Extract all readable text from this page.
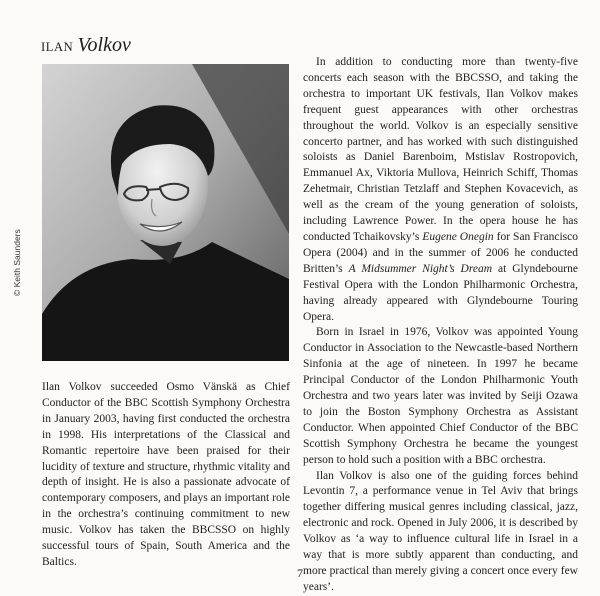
ILAN Volkov
© Keith Saunders

Ilan Volkov succeeded Osmo Vänskä as Chief Conductor of the BBC Scottish Symphony Orchestra in January 2003, having first conducted the orchestra in 1998. His interpretations of the Classical and Romantic repertoire have been praised for their lucidity of texture and structure, rhythmic vitality and depth of insight. He is also a passionate advocate of contemporary composers, and plays an important role in the orchestra’s continuing commitment to new music. Volkov has taken the BBCSSO on highly successful tours of Spain, South America and the Baltics.

In addition to conducting more than twenty-five concerts each season with the BBCSSO, and taking the orchestra to important UK festivals, Ilan Volkov makes frequent guest appearances with other orchestras throughout the world. Volkov is an especially sensitive concerto partner, and has worked with such distinguished soloists as Daniel Barenboim, Mstislav Rostropovich, Emmanuel Ax, Viktoria Mullova, Heinrich Schiff, Thomas Zehetmair, Christian Tetzlaff and Stephen Kovacevich, as well as the cream of the young generation of soloists, including Lawrence Power. In the opera house he has conducted Tchaikovsky’s Eugene Onegin for San Francisco Opera (2004) and in the summer of 2006 he conducted Britten’s A Midsummer Night’s Dream at Glyndebourne Festival Opera with the London Philharmonic Orchestra, having already appeared with Glyndebourne Touring Opera.

Born in Israel in 1976, Volkov was appointed Young Conductor in Association to the Newcastle-based Northern Sinfonia at the age of nineteen. In 1997 he became Principal Conductor of the London Philharmonic Youth Orchestra and two years later was invited by Seiji Ozawa to join the Boston Symphony Orchestra as Assistant Conductor. When appointed Chief Conductor of the BBC Scottish Symphony Orchestra he became the youngest person to hold such a position with a BBC orchestra.

Ilan Volkov is also one of the guiding forces behind Levontin 7, a performance venue in Tel Aviv that brings together differing musical genres including classical, jazz, electronic and rock. Opened in July 2006, it is described by Volkov as ‘a way to influence cultural life in Israel in a way that is more subtly apparent than conducting, and more practical than merely giving a concert once every few years’.

7
